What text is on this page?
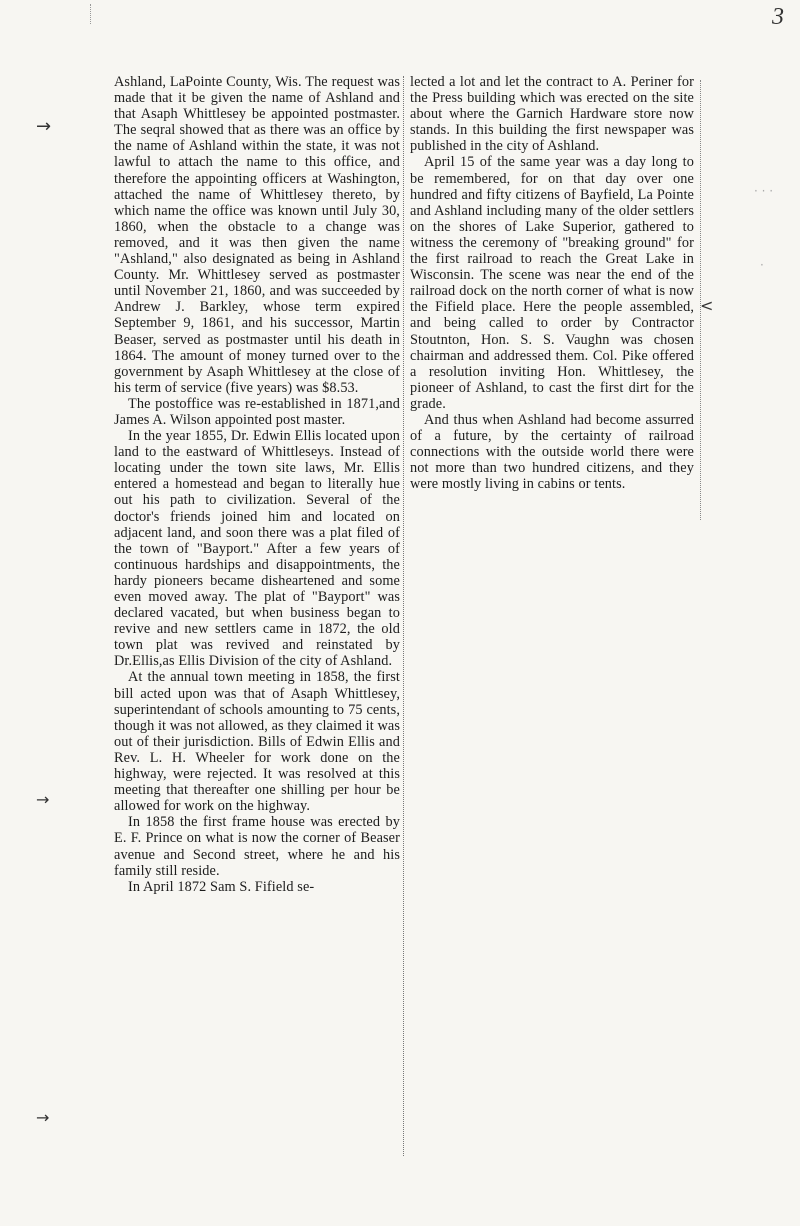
3
→
→
→
<
· · ·
·

Ashland, LaPointe County, Wis. The request was made that it be given the name of Ashland and that Asaph Whittlesey be appointed postmaster. The seqral showed that as there was an office by the name of Ashland within the state, it was not lawful to attach the name to this office, and therefore the appointing officers at Washington, attached the name of Whittlesey thereto, by which name the office was known until July 30, 1860, when the obstacle to a change was removed, and it was then given the name "Ashland," also designated as being in Ashland County. Mr. Whittlesey served as postmaster until November 21, 1860, and was succeeded by Andrew J. Barkley, whose term expired September 9, 1861, and his successor, Martin Beaser, served as postmaster until his death in 1864. The amount of money turned over to the government by Asaph Whittlesey at the close of his term of service (five years) was $8.53.

The postoffice was re-established in 1871,and James A. Wilson appointed post master.

In the year 1855, Dr. Edwin Ellis located upon land to the eastward of Whittleseys. Instead of locating under the town site laws, Mr. Ellis entered a homestead and began to literally hue out his path to civilization. Several of the doctor's friends joined him and located on adjacent land, and soon there was a plat filed of the town of "Bayport." After a few years of continuous hardships and disappointments, the hardy pioneers became disheartened and some even moved away. The plat of "Bayport" was declared vacated, but when business began to revive and new settlers came in 1872, the old town plat was revived and reinstated by Dr.Ellis,as Ellis Division of the city of Ashland.

At the annual town meeting in 1858, the first bill acted upon was that of Asaph Whittlesey, superintendant of schools amounting to 75 cents, though it was not allowed, as they claimed it was out of their jurisdiction. Bills of Edwin Ellis and Rev. L. H. Wheeler for work done on the highway, were rejected. It was resolved at this meeting that thereafter one shilling per hour be allowed for work on the highway.

In 1858 the first frame house was erected by E. F. Prince on what is now the corner of Beaser avenue and Second street, where he and his family still reside.

In April 1872 Sam S. Fifield se-

lected a lot and let the contract to A. Periner for the Press building which was erected on the site about where the Garnich Hardware store now stands. In this building the first newspaper was published in the city of Ashland.

April 15 of the same year was a day long to be remembered, for on that day over one hundred and fifty citizens of Bayfield, La Pointe and Ashland including many of the older settlers on the shores of Lake Superior, gathered to witness the ceremony of "breaking ground" for the first railroad to reach the Great Lake in Wisconsin. The scene was near the end of the railroad dock on the north corner of what is now the Fifield place. Here the people assembled, and being called to order by Contractor Stoutnton, Hon. S. S. Vaughn was chosen chairman and addressed them. Col. Pike offered a resolution inviting Hon. Whittlesey, the pioneer of Ashland, to cast the first dirt for the grade.

And thus when Ashland had become assurred of a future, by the certainty of railroad connections with the outside world there were not more than two hundred citizens, and they were mostly living in cabins or tents.
